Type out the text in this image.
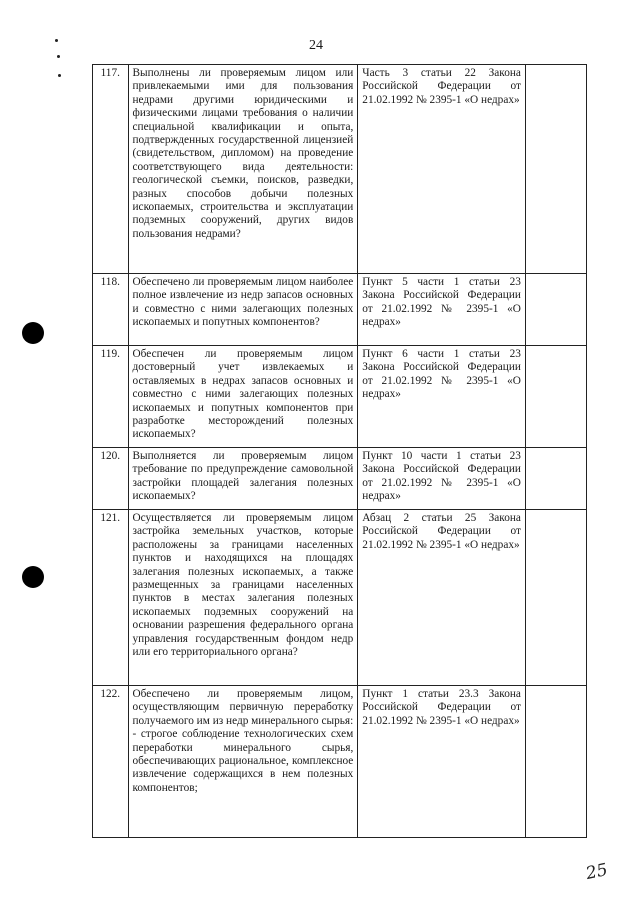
24
117.	Выполнены ли проверяемым лицом или привлекаемыми ими для пользования недрами другими юридическими и физическими лицами требования о наличии специальной квалификации и опыта, подтвержденных государственной лицензией (свидетельством, дипломом) на проведение соответствующего вида деятельности: геологической съемки, поисков, разведки, разных способов добычи полезных ископаемых, строительства и эксплуатации подземных сооружений, других видов пользования недрами?	Часть 3 статьи 22 Закона Российской Федерации от 21.02.1992 № 2395-1 «О недрах»	

118.	Обеспечено ли проверяемым лицом наиболее полное извлечение из недр запасов основных и совместно с ними залегающих полезных ископаемых и попутных компонентов?	Пункт 5 части 1 статьи 23 Закона Российской Федерации от 21.02.1992 № 2395-1 «О недрах»	

119.	Обеспечен ли проверяемым лицом достоверный учет извлекаемых и оставляемых в недрах запасов основных и совместно с ними залегающих полезных ископаемых и попутных компонентов при разработке месторождений полезных ископаемых?	Пункт 6 части 1 статьи 23 Закона Российской Федерации от 21.02.1992 № 2395-1 «О недрах»	

120.	Выполняется ли проверяемым лицом требование по предупреждение самовольной застройки площадей залегания полезных ископаемых?	Пункт 10 части 1 статьи 23 Закона Российской Федерации от 21.02.1992 № 2395-1 «О недрах»	

121.	Осуществляется ли проверяемым лицом застройка земельных участков, которые расположены за границами населенных пунктов и находящихся на площадях залегания полезных ископаемых, а также размещенных за границами населенных пунктов в местах залегания полезных ископаемых подземных сооружений на основании разрешения федерального органа управления государственным фондом недр или его территориального органа?	Абзац 2 статьи 25 Закона Российской Федерации от 21.02.1992 № 2395-1 «О недрах»	

122.	Обеспечено ли проверяемым лицом, осуществляющим первичную переработку получаемого им из недр минерального сырья:
- строгое соблюдение технологических схем переработки минерального сырья, обеспечивающих рациональное, комплексное извлечение содержащихся в нем полезных компонентов;	Пункт 1 статьи 23.3 Закона Российской Федерации от 21.02.1992 № 2395-1 «О недрах»	

25
